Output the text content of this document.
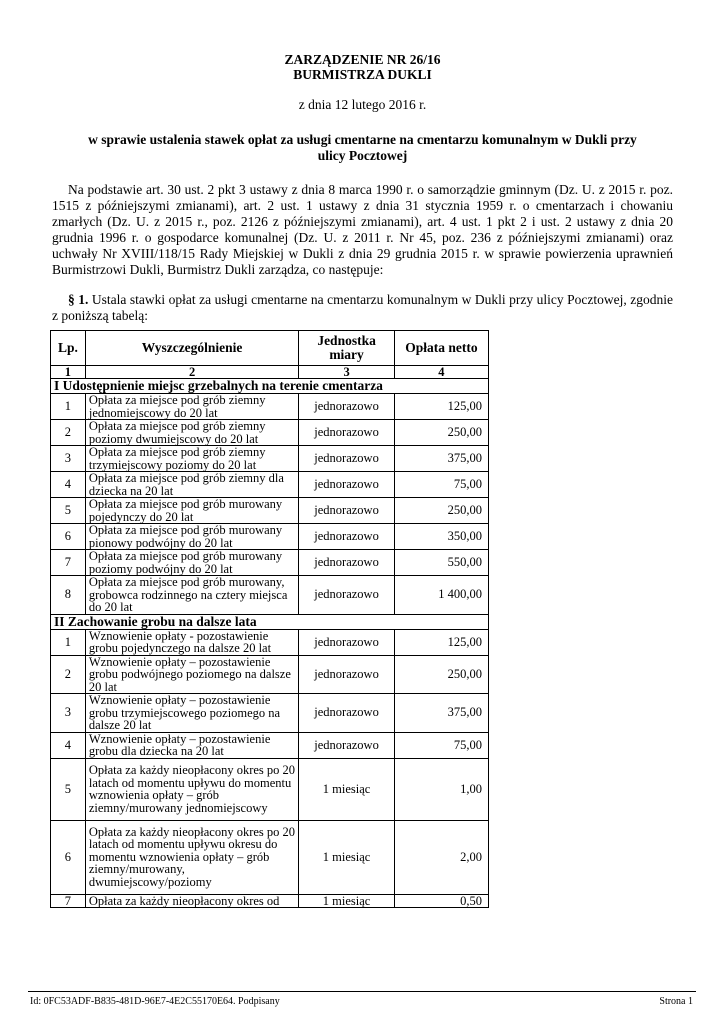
ZARZĄDZENIE NR 26/16
BURMISTRZA DUKLI
z dnia 12 lutego 2016 r.
w sprawie ustalenia stawek opłat za usługi cmentarne na cmentarzu komunalnym w Dukli przy ulicy Pocztowej
Na podstawie art. 30 ust. 2 pkt 3 ustawy z dnia 8 marca 1990 r. o samorządzie gminnym (Dz. U. z 2015 r. poz. 1515 z późniejszymi zmianami), art. 2 ust. 1 ustawy z dnia 31 stycznia 1959 r. o cmentarzach i chowaniu zmarłych (Dz. U. z 2015 r., poz. 2126 z późniejszymi zmianami), art. 4 ust. 1 pkt 2 i ust. 2 ustawy z dnia 20 grudnia 1996 r. o gospodarce komunalnej (Dz. U. z 2011 r. Nr 45, poz. 236 z późniejszymi zmianami) oraz uchwały Nr XVIII/118/15 Rady Miejskiej w Dukli z dnia 29 grudnia 2015 r. w sprawie powierzenia uprawnień Burmistrzowi Dukli, Burmistrz Dukli zarządza, co następuje:
§ 1. Ustala stawki opłat za usługi cmentarne na cmentarzu komunalnym w Dukli przy ulicy Pocztowej, zgodnie z poniższą tabelą:
Lp.	Wyszczególnienie	Jednostka miary	Opłata netto
1	2	3	4
I Udostępnienie miejsc grzebalnych na terenie cmentarza			
1	Opłata za miejsce pod grób ziemny jednomiejscowy do 20 lat	jednorazowo	125,00
2	Opłata za miejsce pod grób ziemny poziomy dwumiejscowy do 20 lat	jednorazowo	250,00
3	Opłata za miejsce pod grób ziemny trzymiejscowy poziomy do 20 lat	jednorazowo	375,00
4	Opłata za miejsce pod grób ziemny dla dziecka na 20 lat	jednorazowo	75,00
5	Opłata za miejsce pod grób murowany pojedynczy do 20 lat	jednorazowo	250,00
6	Opłata za miejsce pod grób murowany pionowy podwójny do 20 lat	jednorazowo	350,00
7	Opłata za miejsce pod grób murowany poziomy podwójny do 20 lat	jednorazowo	550,00
8	Opłata za miejsce pod grób murowany, grobowca rodzinnego na cztery miejsca do 20 lat	jednorazowo	1 400,00
II Zachowanie grobu na dalsze lata			
1	Wznowienie opłaty - pozostawienie grobu pojedynczego na dalsze 20 lat	jednorazowo	125,00
2	Wznowienie opłaty – pozostawienie grobu podwójnego poziomego na dalsze 20 lat	jednorazowo	250,00
3	Wznowienie opłaty – pozostawienie grobu trzymiejscowego poziomego na dalsze 20 lat	jednorazowo	375,00
4	Wznowienie opłaty – pozostawienie grobu dla dziecka na 20 lat	jednorazowo	75,00
5	Opłata za każdy nieopłacony okres po 20 latach od momentu upływu do momentu wznowienia opłaty – grób ziemny/murowany jednomiejscowy	1 miesiąc	1,00
6	Opłata za każdy nieopłacony okres po 20 latach od momentu upływu okresu do momentu wznowienia opłaty – grób ziemny/murowany, dwumiejscowy/poziomy	1 miesiąc	2,00
7	Opłata za każdy nieopłacony okres od	1 miesiąc	0,50
Id: 0FC53ADF-B835-481D-96E7-4E2C55170E64. Podpisany	Strona 1
